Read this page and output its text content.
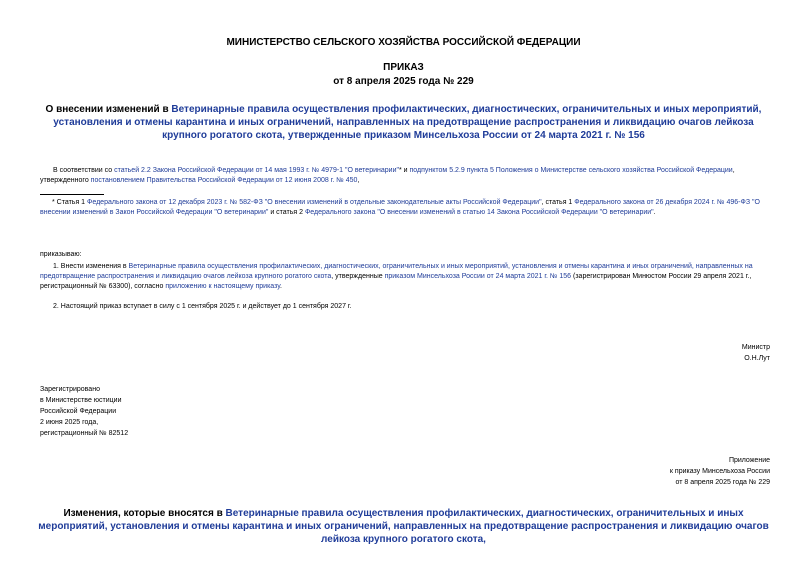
МИНИСТЕРСТВО СЕЛЬСКОГО ХОЗЯЙСТВА РОССИЙСКОЙ ФЕДЕРАЦИИ
ПРИКАЗ
от 8 апреля 2025 года № 229
О внесении изменений в Ветеринарные правила осуществления профилактических, диагностических, ограничительных и иных мероприятий, установления и отмены карантина и иных ограничений, направленных на предотвращение распространения и ликвидацию очагов лейкоза крупного рогатого скота, утвержденные приказом Минсельхоза России от 24 марта 2021 г. № 156
В соответствии со статьей 2.2 Закона Российской Федерации от 14 мая 1993 г. № 4979-1 "О ветеринарии"* и подпунктом 5.2.9 пункта 5 Положения о Министерстве сельского хозяйства Российской Федерации, утвержденного постановлением Правительства Российской Федерации от 12 июня 2008 г. № 450,
* Статья 1 Федерального закона от 12 декабря 2023 г. № 582-ФЗ "О внесении изменений в отдельные законодательные акты Российской Федерации", статья 1 Федерального закона от 26 декабря 2024 г. № 496-ФЗ "О внесении изменений в Закон Российской Федерации "О ветеринарии" и статья 2 Федерального закона "О внесении изменений в статью 14 Закона Российской Федерации "О ветеринарии".
приказываю:
1. Внести изменения в Ветеринарные правила осуществления профилактических, диагностических, ограничительных и иных мероприятий, установления и отмены карантина и иных ограничений, направленных на предотвращение распространения и ликвидацию очагов лейкоза крупного рогатого скота, утвержденные приказом Минсельхоза России от 24 марта 2021 г. № 156 (зарегистрирован Минюстом России 29 апреля 2021 г., регистрационный № 63300), согласно приложению к настоящему приказу.
2. Настоящий приказ вступает в силу с 1 сентября 2025 г. и действует до 1 сентября 2027 г.
Министр
О.Н.Лут
Зарегистрировано
в Министерстве юстиции
Российской Федерации
2 июня 2025 года,
регистрационный № 82512
Приложение
к приказу Минсельхоза России
от 8 апреля 2025 года № 229
Изменения, которые вносятся в Ветеринарные правила осуществления профилактических, диагностических, ограничительных и иных мероприятий, установления и отмены карантина и иных ограничений, направленных на предотвращение распространения и ликвидацию очагов лейкоза крупного рогатого скота,
